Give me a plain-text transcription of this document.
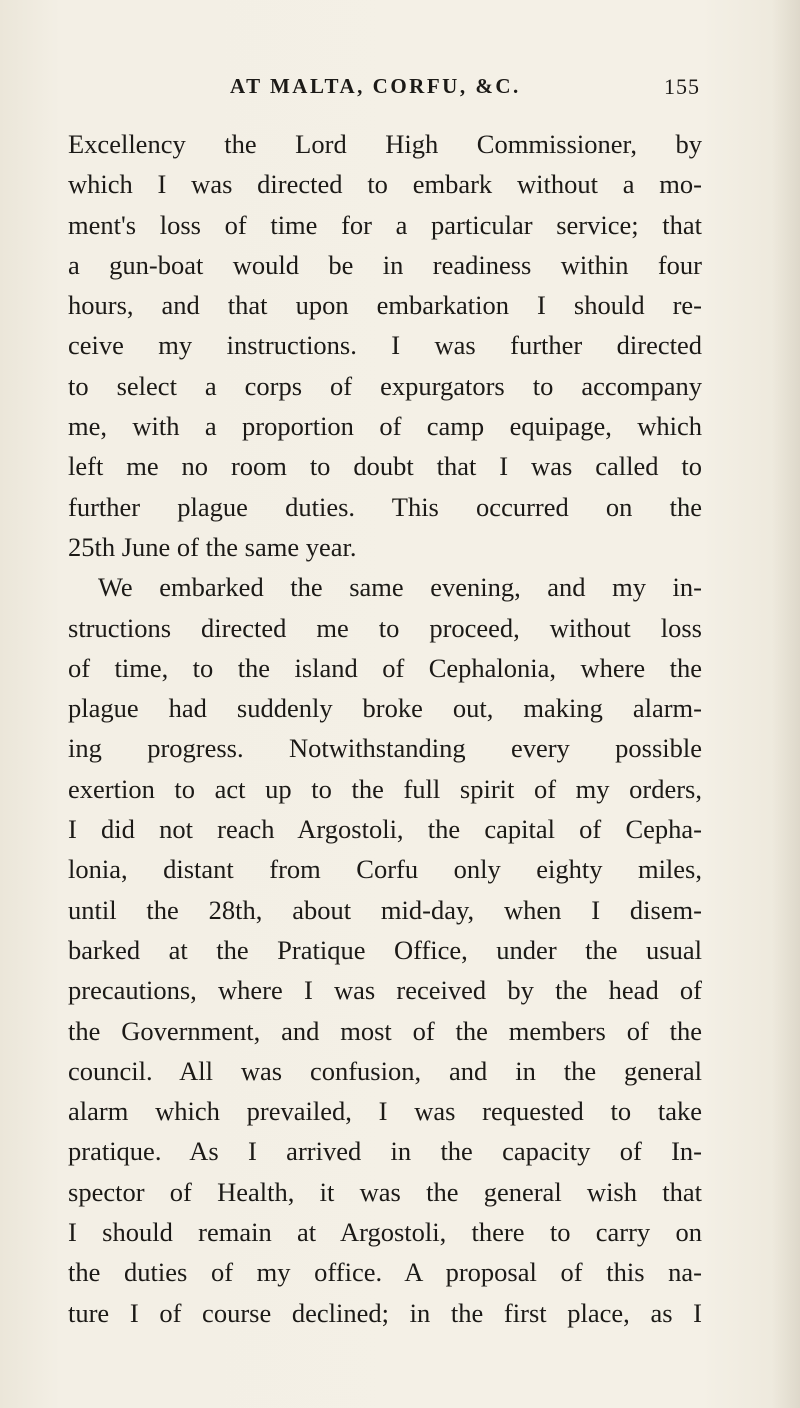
AT MALTA, CORFU, &C.	155
Excellency the Lord High Commissioner, by
which I was directed to embark without a mo-
ment's loss of time for a particular service; that
a gun-boat would be in readiness within four
hours, and that upon embarkation I should re-
ceive my instructions. I was further directed
to select a corps of expurgators to accompany
me, with a proportion of camp equipage, which
left me no room to doubt that I was called to
further plague duties. This occurred on the
25th June of the same year.
We embarked the same evening, and my in-
structions directed me to proceed, without loss
of time, to the island of Cephalonia, where the
plague had suddenly broke out, making alarm-
ing progress. Notwithstanding every possible
exertion to act up to the full spirit of my orders,
I did not reach Argostoli, the capital of Cepha-
lonia, distant from Corfu only eighty miles,
until the 28th, about mid-day, when I disem-
barked at the Pratique Office, under the usual
precautions, where I was received by the head of
the Government, and most of the members of the
council. All was confusion, and in the general
alarm which prevailed, I was requested to take
pratique. As I arrived in the capacity of In-
spector of Health, it was the general wish that
I should remain at Argostoli, there to carry on
the duties of my office. A proposal of this na-
ture I of course declined; in the first place, as I
